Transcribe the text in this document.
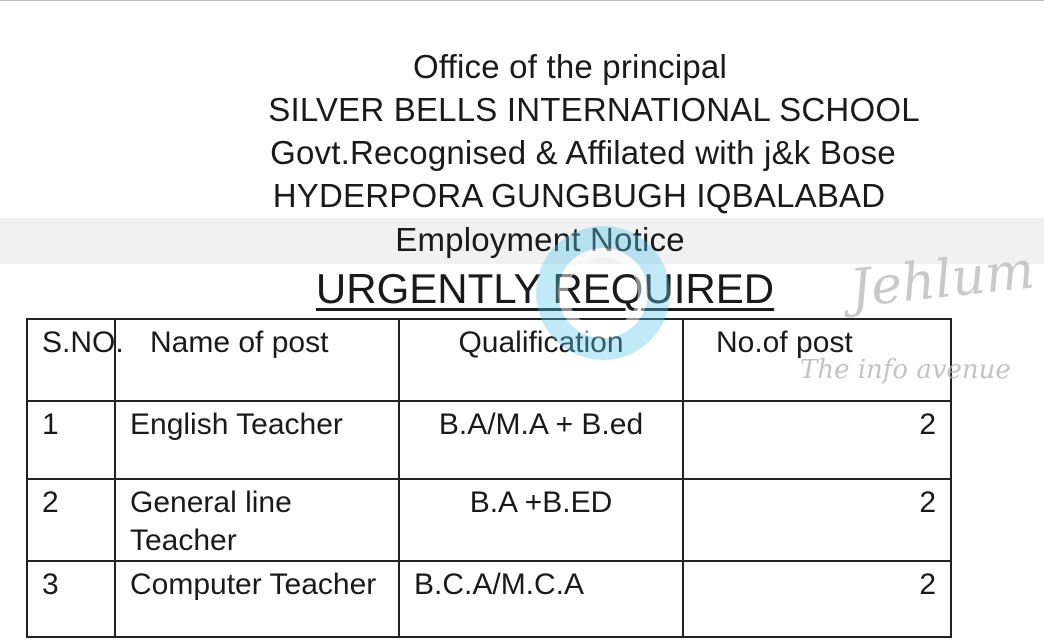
Office of the principal
SILVER BELLS INTERNATIONAL SCHOOL
Govt.Recognised & Affilated with j&k Bose
HYDERPORA GUNGBUGH IQBALABAD
Employment Notice
URGENTLY REQUIRED
S.NO.	Name of post	Qualification	No.of post
1	English Teacher	B.A/M.A + B.ed	2
2	General line Teacher	B.A +B.ED	2
3	Computer Teacher	B.C.A/M.C.A	2
Jehlum
The info avenue
